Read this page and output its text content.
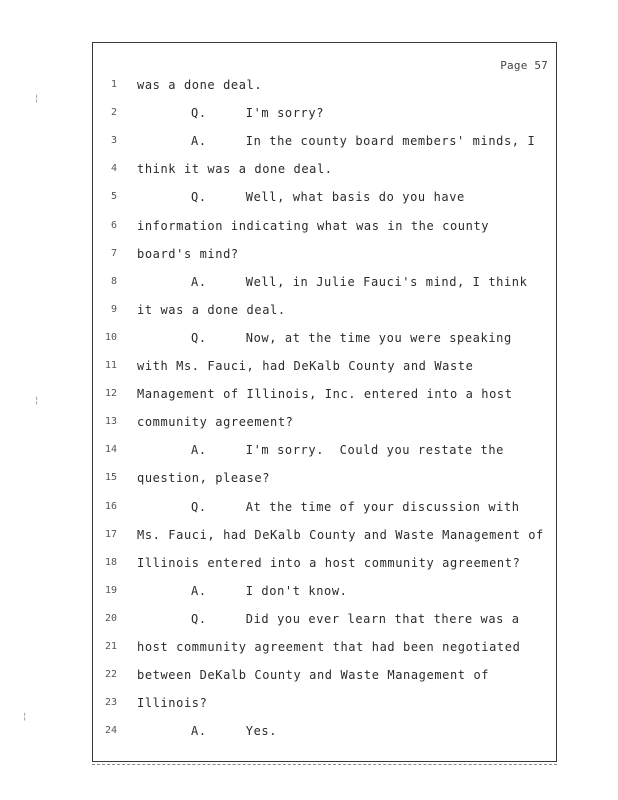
Page 57
1 was a done deal.
2	Q.     I'm sorry?
3	A.     In the county board members' minds, I
4 think it was a done deal.
5	Q.     Well, what basis do you have
6 information indicating what was in the county
7 board's mind?
8	A.     Well, in Julie Fauci's mind, I think
9 it was a done deal.
10	Q.     Now, at the time you were speaking
11 with Ms. Fauci, had DeKalb County and Waste
12 Management of Illinois, Inc. entered into a host
13 community agreement?
14	A.     I'm sorry.  Could you restate the
15 question, please?
16	Q.     At the time of your discussion with
17 Ms. Fauci, had DeKalb County and Waste Management of
18 Illinois entered into a host community agreement?
19	A.     I don't know.
20	Q.     Did you ever learn that there was a
21 host community agreement that had been negotiated
22 between DeKalb County and Waste Management of
23 Illinois?
24	A.     Yes.
¦
¦
¦
